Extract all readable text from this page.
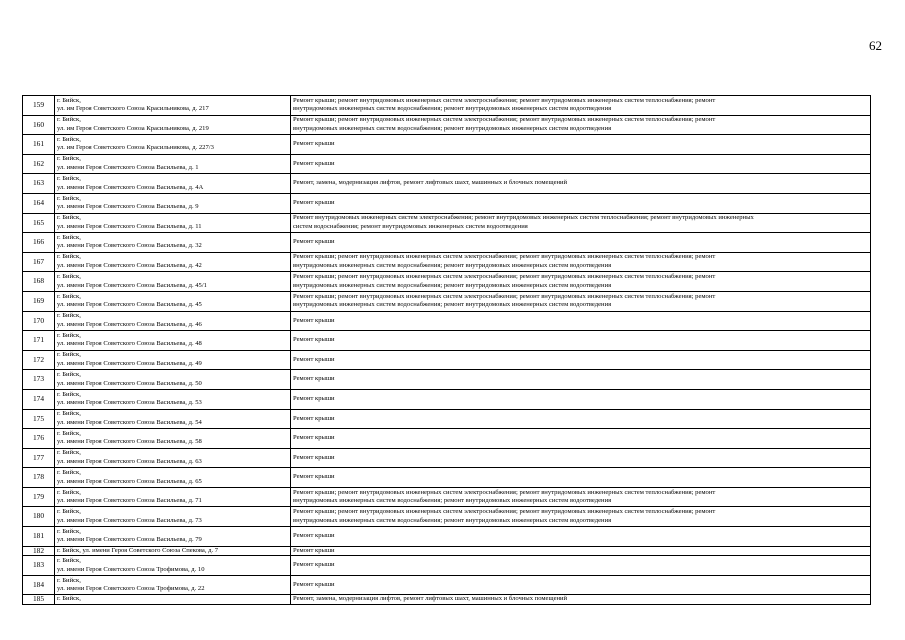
62
159	г. Бийск,
ул. им Героя Советского Союза Красильникова, д. 217	Ремонт крыши; ремонт внутридомовых инженерных систем электроснабжения; ремонт внутридомовых инженерных систем теплоснабжения; ремонт
внутридомовых инженерных систем водоснабжения; ремонт внутридомовых инженерных систем водоотведения

160	г. Бийск,
ул. им Героя Советского Союза Красильникова, д. 219	Ремонт крыши; ремонт внутридомовых инженерных систем электроснабжения; ремонт внутридомовых инженерных систем теплоснабжения; ремонт
внутридомовых инженерных систем водоснабжения; ремонт внутридомовых инженерных систем водоотведения

161	г. Бийск,
ул. им Героя Советского Союза Красильникова, д. 227/3	Ремонт крыши

162	г. Бийск,
ул. имени Героя Советского Союза Васильева, д. 1	Ремонт крыши

163	г. Бийск,
ул. имени Героя Советского Союза Васильева, д. 4А	Ремонт, замена, модернизация лифтов, ремонт лифтовых шахт, машинных и блочных помещений

164	г. Бийск,
ул. имени Героя Советского Союза Васильева, д. 9	Ремонт крыши

165	г. Бийск,
ул. имени Героя Советского Союза Васильева, д. 11	Ремонт внутридомовых инженерных систем электроснабжения; ремонт внутридомовых инженерных систем теплоснабжения; ремонт внутридомовых инженерных
систем водоснабжения; ремонт внутридомовых инженерных систем водоотведения

166	г. Бийск,
ул. имени Героя Советского Союза Васильева, д. 32	Ремонт крыши

167	г. Бийск,
ул. имени Героя Советского Союза Васильева, д. 42	Ремонт крыши; ремонт внутридомовых инженерных систем электроснабжения; ремонт внутридомовых инженерных систем теплоснабжения; ремонт
внутридомовых инженерных систем водоснабжения; ремонт внутридомовых инженерных систем водоотведения

168	г. Бийск,
ул. имени Героя Советского Союза Васильева, д. 45/1	Ремонт крыши; ремонт внутридомовых инженерных систем электроснабжения; ремонт внутридомовых инженерных систем теплоснабжения; ремонт
внутридомовых инженерных систем водоснабжения; ремонт внутридомовых инженерных систем водоотведения

169	г. Бийск,
ул. имени Героя Советского Союза Васильева, д. 45	Ремонт крыши; ремонт внутридомовых инженерных систем электроснабжения; ремонт внутридомовых инженерных систем теплоснабжения; ремонт
внутридомовых инженерных систем водоснабжения; ремонт внутридомовых инженерных систем водоотведения

170	г. Бийск,
ул. имени Героя Советского Союза Васильева, д. 46	Ремонт крыши

171	г. Бийск,
ул. имени Героя Советского Союза Васильева, д. 48	Ремонт крыши

172	г. Бийск,
ул. имени Героя Советского Союза Васильева, д. 49	Ремонт крыши

173	г. Бийск,
ул. имени Героя Советского Союза Васильева, д. 50	Ремонт крыши

174	г. Бийск,
ул. имени Героя Советского Союза Васильева, д. 53	Ремонт крыши

175	г. Бийск,
ул. имени Героя Советского Союза Васильева, д. 54	Ремонт крыши

176	г. Бийск,
ул. имени Героя Советского Союза Васильева, д. 58	Ремонт крыши

177	г. Бийск,
ул. имени Героя Советского Союза Васильева, д. 63	Ремонт крыши

178	г. Бийск,
ул. имени Героя Советского Союза Васильева, д. 65	Ремонт крыши

179	г. Бийск,
ул. имени Героя Советского Союза Васильева, д. 71	Ремонт крыши; ремонт внутридомовых инженерных систем электроснабжения; ремонт внутридомовых инженерных систем теплоснабжения; ремонт
внутридомовых инженерных систем водоснабжения; ремонт внутридомовых инженерных систем водоотведения

180	г. Бийск,
ул. имени Героя Советского Союза Васильева, д. 73	Ремонт крыши; ремонт внутридомовых инженерных систем электроснабжения; ремонт внутридомовых инженерных систем теплоснабжения; ремонт
внутридомовых инженерных систем водоснабжения; ремонт внутридомовых инженерных систем водоотведения

181	г. Бийск,
ул. имени Героя Советского Союза Васильева, д. 79	Ремонт крыши

182	г. Бийск, ул. имени Героя Советского Союза Спекова, д. 7	Ремонт крыши

183	г. Бийск,
ул. имени Героя Советского Союза Трофимова, д. 10	Ремонт крыши

184	г. Бийск,
ул. имени Героя Советского Союза Трофимова, д. 22	Ремонт крыши

185	г. Бийск,	Ремонт, замена, модернизация лифтов, ремонт лифтовых шахт, машинных и блочных помещений
